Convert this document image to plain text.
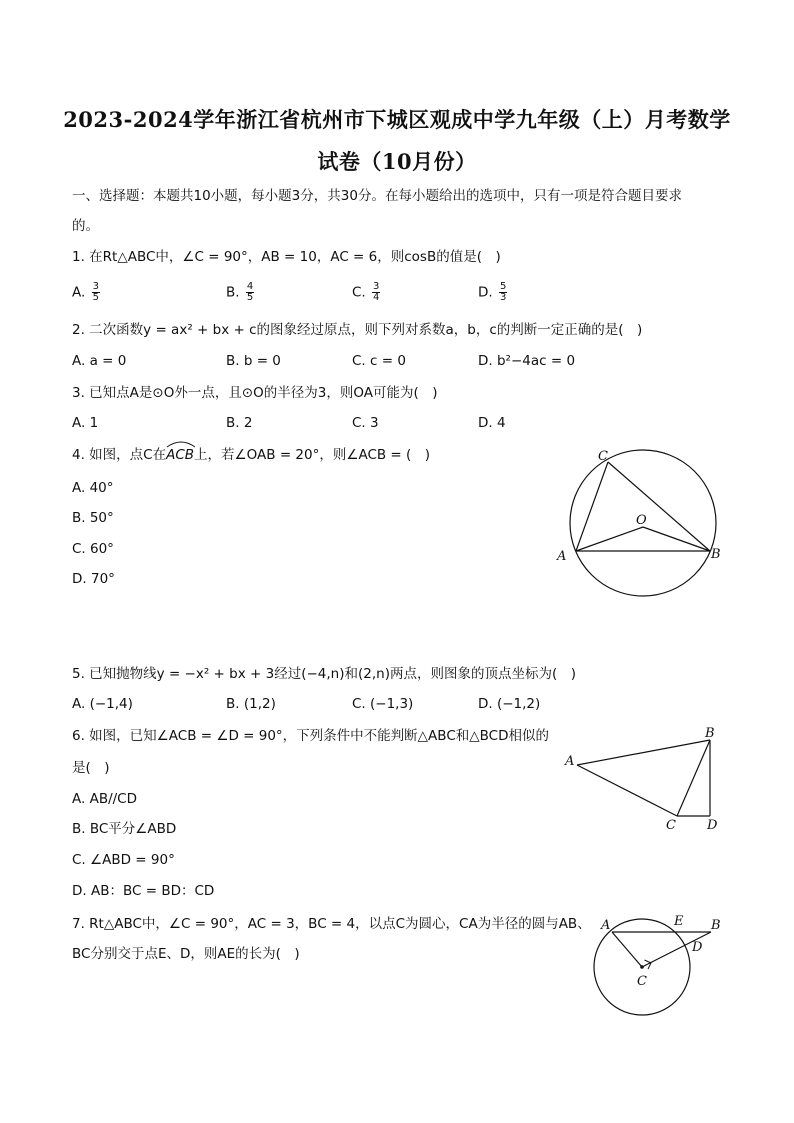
2023-2024学年浙江省杭州市下城区观成中学九年级（上）月考数学
试卷（10月份）
一、选择题：本题共10小题，每小题3分，共30分。在每小题给出的选项中，只有一项是符合题目要求
的。
1. 在Rt△ABC中，∠C = 90°，AB = 10，AC = 6，则cosB的值是(　)
A. $\frac{3}{5}$	B. $\frac{4}{5}$	C. $\frac{3}{4}$	D. $\frac{5}{3}$
2. 二次函数y = ax² + bx + c的图象经过原点，则下列对系数a，b，c的判断一定正确的是(　)
A. a = 0	B. b = 0	C. c = 0	D. b²−4ac = 0
3. 已知点A是⊙O外一点，且⊙O的半径为3，则OA可能为(　)
A. 1	B. 2	C. 3	D. 4
4. 如图，点C在
ACB上，若∠OAB = 20°，则∠ACB = (　)
A. 40°
B. 50°
C. 60°
D. 70°
C
O
A	B
5. 已知抛物线y = −x² + bx + 3经过(−4,n)和(2,n)两点，则图象的顶点坐标为(　)
A. (−1,4)	B. (1,2)	C. (−1,3)	D. (−1,2)
6. 如图，已知∠ACB = ∠D = 90°，下列条件中不能判断△ABC和△BCD相似的
是(　)
A. AB//CD
B. BC平分∠ABD
C. ∠ABD = 90°
D. AB：BC = BD：CD
A
B
C D
7. Rt△ABC中，∠C = 90°，AC = 3，BC = 4，以点C为圆心，CA为半径的圆与AB、
BC分别交于点E、D，则AE的长为(　)
A	E B
D
C
